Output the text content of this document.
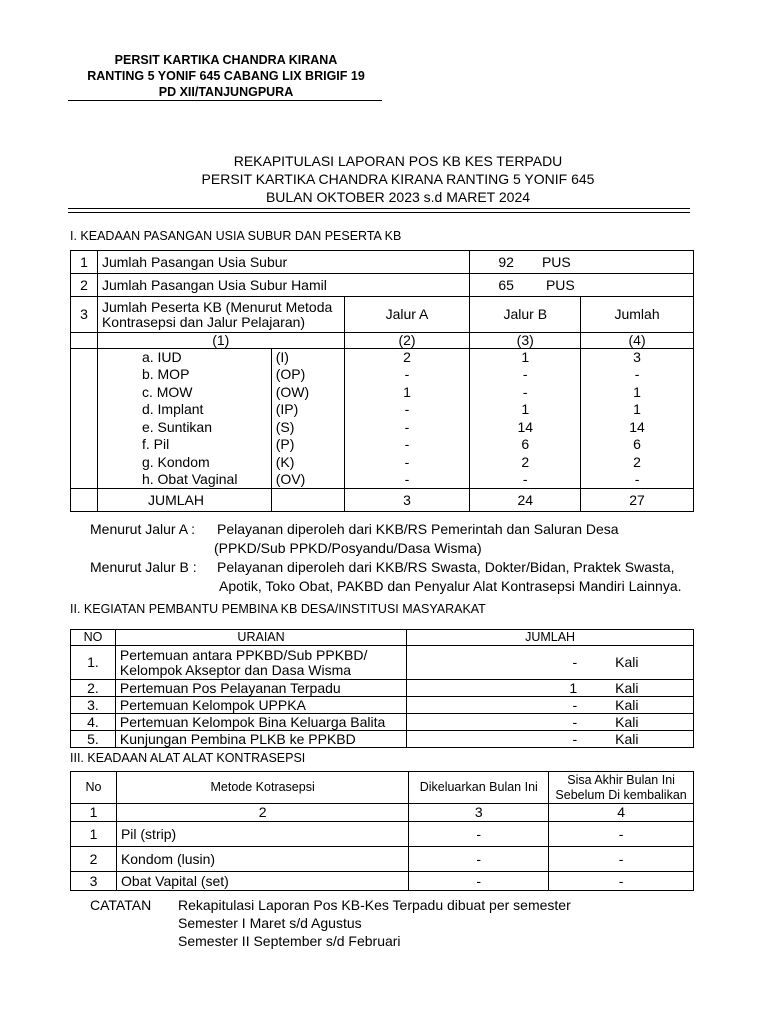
PERSIT KARTIKA CHANDRA KIRANA
RANTING 5 YONIF 645 CABANG LIX BRIGIF 19
PD XII/TANJUNGPURA
REKAPITULASI LAPORAN POS KB KES TERPADU
PERSIT KARTIKA CHANDRA KIRANA RANTING 5 YONIF 645
BULAN OKTOBER 2023 s.d MARET 2024
I. KEADAAN PASANGAN USIA SUBUR DAN PESERTA KB
1	Jumlah Pasangan Usia Subur			92 PUS	
2	Jumlah Pasangan Usia Subur Hamil			65 PUS	
3	Jumlah Peserta KB (Menurut Metoda Kontrasepsi dan Jalur Pelajaran)		Jalur A	Jalur B	Jumlah
	(1)		(2)	(3)	(4)
	a. IUD	(I)	2	1	3
	b. MOP	(OP)	-	-	-
	c. MOW	(OW)	1	-	1
	d. Implant	(IP)	-	1	1
	e. Suntikan	(S)	-	14	14
	f. Pil	(P)	-	6	6
	g. Kondom	(K)	-	2	2
	h. Obat Vaginal	(OV)	-	-	-
	JUMLAH		3	24	27
Menurut Jalur A : Pelayanan diperoleh dari KKB/RS Pemerintah dan Saluran Desa
(PPKD/Sub PPKD/Posyandu/Dasa Wisma)
Menurut Jalur B : Pelayanan diperoleh dari KKB/RS Swasta, Dokter/Bidan, Praktek Swasta,
Apotik, Toko Obat, PAKBD dan Penyalur Alat Kontrasepsi Mandiri Lainnya.
II. KEGIATAN PEMBANTU PEMBINA KB DESA/INSTITUSI MASYARAKAT
NO	URAIAN	JUMLAH
1.	Pertemuan antara PPKBD/Sub PPKBD/ Kelompok Akseptor dan Dasa Wisma	- Kali

2.	Pertemuan Pos Pelayanan Terpadu	1 Kali

3.	Pertemuan Kelompok UPPKA	- Kali

4.	Pertemuan Kelompok Bina Keluarga Balita	- Kali

5.	Kunjungan Pembina PLKB ke PPKBD	- Kali
III. KEADAAN ALAT ALAT KONTRASEPSI
No	Metode Kotrasepsi	Dikeluarkan Bulan Ini	Sisa Akhir Bulan Ini Sebelum Di kembalikan
1	2	3	4
1	Pil (strip)	-	-
2	Kondom (lusin)	-	-
3	Obat Vapital (set)	-	-
CATATAN Rekapitulasi Laporan Pos KB-Kes Terpadu dibuat per semester
Semester I Maret s/d Agustus
Semester II September s/d Februari
